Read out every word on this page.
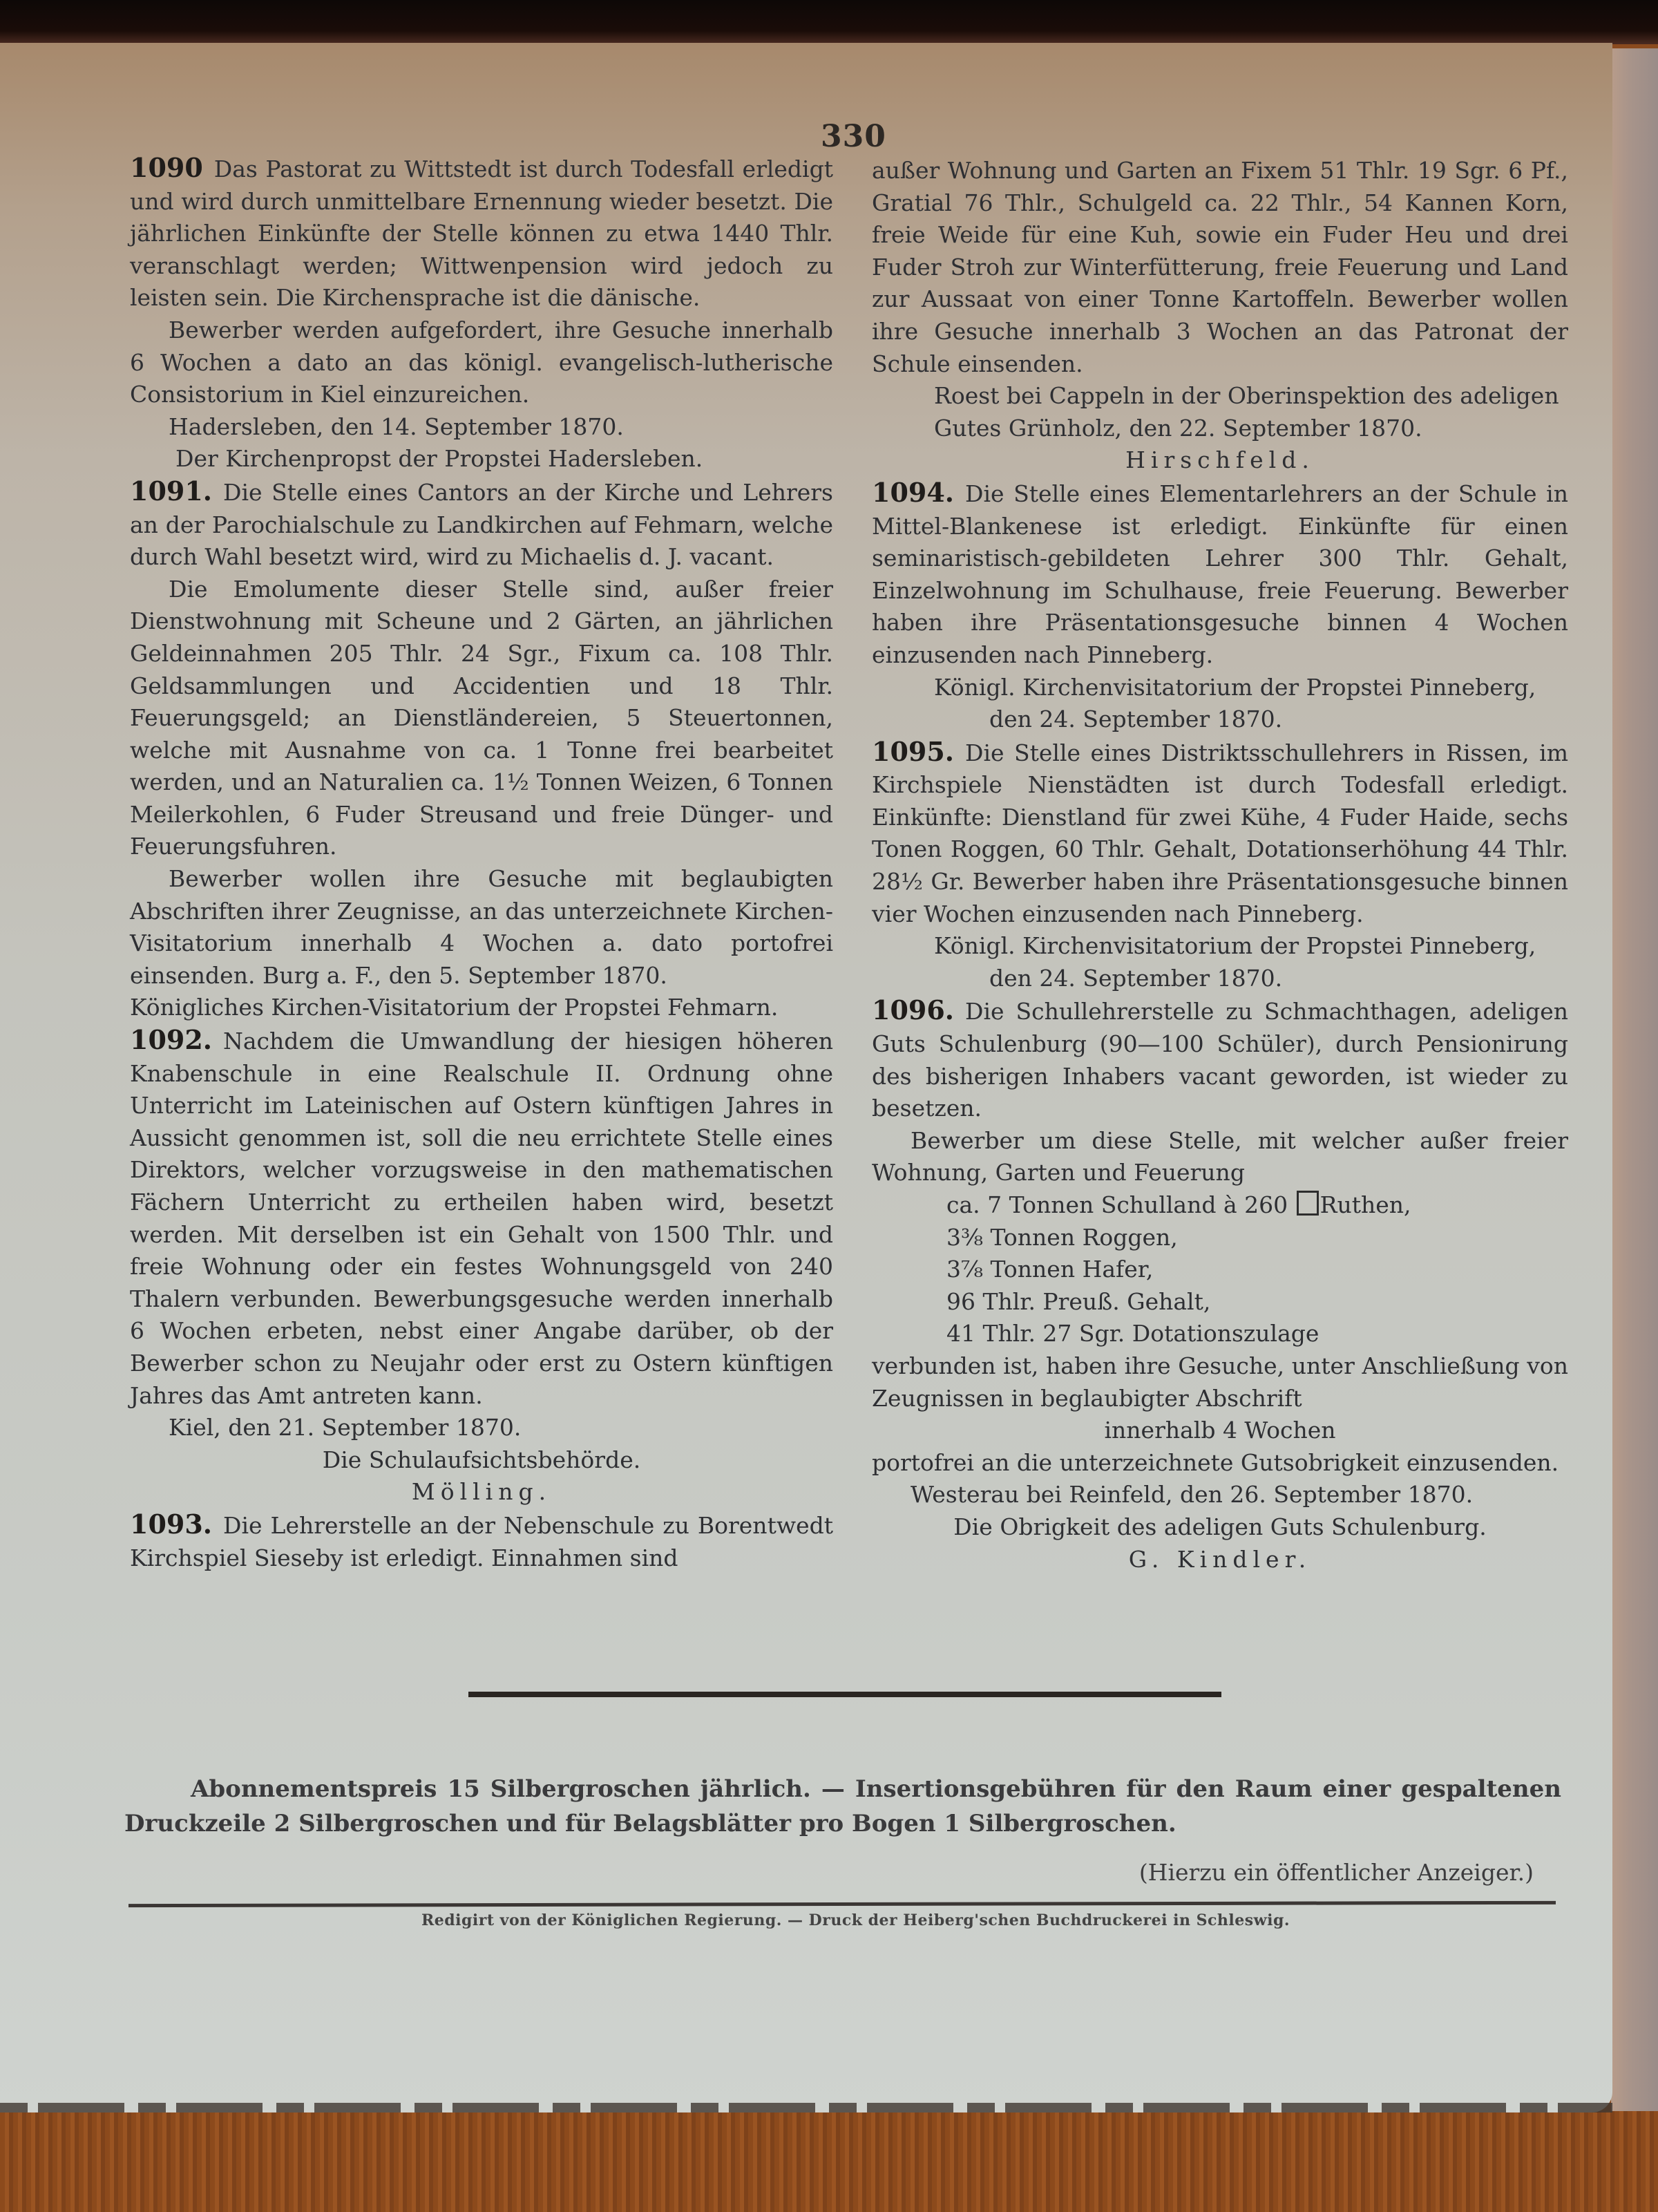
330

1090 Das Pastorat zu Wittstedt ist durch Todesfall erledigt und wird durch unmittelbare Ernennung wieder besetzt. Die jährlichen Einkünfte der Stelle können zu etwa 1440 Thlr. veranschlagt werden; Wittwenpension wird jedoch zu leisten sein. Die Kirchensprache ist die dänische.

Bewerber werden aufgefordert, ihre Gesuche innerhalb 6 Wochen a dato an das königl. evangelisch-lutherische Consistorium in Kiel einzureichen.

Hadersleben, den 14. September 1870.

Der Kirchenpropst der Propstei Hadersleben.

1091. Die Stelle eines Cantors an der Kirche und Lehrers an der Parochialschule zu Landkirchen auf Fehmarn, welche durch Wahl besetzt wird, wird zu Michaelis d. J. vacant.

Die Emolumente dieser Stelle sind, außer freier Dienstwohnung mit Scheune und 2 Gärten, an jährlichen Geldeinnahmen 205 Thlr. 24 Sgr., Fixum ca. 108 Thlr. Geldsammlungen und Accidentien und 18 Thlr. Feuerungsgeld; an Dienstländereien, 5 Steuertonnen, welche mit Ausnahme von ca. 1 Tonne frei bearbeitet werden, und an Naturalien ca. 1½ Tonnen Weizen, 6 Tonnen Meilerkohlen, 6 Fuder Streusand und freie Dünger- und Feuerungsfuhren.

Bewerber wollen ihre Gesuche mit beglaubigten Abschriften ihrer Zeugnisse, an das unterzeichnete Kirchen-Visitatorium innerhalb 4 Wochen a. dato portofrei einsenden. Burg a. F., den 5. September 1870.

Königliches Kirchen-Visitatorium der Propstei Fehmarn.

1092. Nachdem die Umwandlung der hiesigen höheren Knabenschule in eine Realschule II. Ordnung ohne Unterricht im Lateinischen auf Ostern künftigen Jahres in Aussicht genommen ist, soll die neu errichtete Stelle eines Direktors, welcher vorzugsweise in den mathematischen Fächern Unterricht zu ertheilen haben wird, besetzt werden. Mit derselben ist ein Gehalt von 1500 Thlr. und freie Wohnung oder ein festes Wohnungsgeld von 240 Thalern verbunden. Bewerbungsgesuche werden innerhalb 6 Wochen erbeten, nebst einer Angabe darüber, ob der Bewerber schon zu Neujahr oder erst zu Ostern künftigen Jahres das Amt antreten kann.

Kiel, den 21. September 1870.

Die Schulaufsichtsbehörde.

Mölling.

1093. Die Lehrerstelle an der Nebenschule zu Borentwedt Kirchspiel Sieseby ist erledigt. Einnahmen sind

außer Wohnung und Garten an Fixem 51 Thlr. 19 Sgr. 6 Pf., Gratial 76 Thlr., Schulgeld ca. 22 Thlr., 54 Kannen Korn, freie Weide für eine Kuh, sowie ein Fuder Heu und drei Fuder Stroh zur Winterfütterung, freie Feuerung und Land zur Aussaat von einer Tonne Kartoffeln. Bewerber wollen ihre Gesuche innerhalb 3 Wochen an das Patronat der Schule einsenden.

Roest bei Cappeln in der Oberinspektion des adeligen Gutes Grünholz, den 22. September 1870.

Hirschfeld.

1094. Die Stelle eines Elementarlehrers an der Schule in Mittel-Blankenese ist erledigt. Einkünfte für einen seminaristisch-gebildeten Lehrer 300 Thlr. Gehalt, Einzelwohnung im Schulhause, freie Feuerung. Bewerber haben ihre Präsentationsgesuche binnen 4 Wochen einzusenden nach Pinneberg.

Königl. Kirchenvisitatorium der Propstei Pinneberg,

den 24. September 1870.

1095. Die Stelle eines Distriktsschullehrers in Rissen, im Kirchspiele Nienstädten ist durch Todesfall erledigt. Einkünfte: Dienstland für zwei Kühe, 4 Fuder Haide, sechs Tonen Roggen, 60 Thlr. Gehalt, Dotationserhöhung 44 Thlr. 28½ Gr. Bewerber haben ihre Präsentationsgesuche binnen vier Wochen einzusenden nach Pinneberg.

Königl. Kirchenvisitatorium der Propstei Pinneberg,

den 24. September 1870.

1096. Die Schullehrerstelle zu Schmachthagen, adeligen Guts Schulenburg (90—100 Schüler), durch Pensionirung des bisherigen Inhabers vacant geworden, ist wieder zu besetzen.

Bewerber um diese Stelle, mit welcher außer freier Wohnung, Garten und Feuerung

ca. 7 Tonnen Schulland à 260 Ruthen,
3⅜ Tonnen Roggen,
3⅞ Tonnen Hafer,
96 Thlr. Preuß. Gehalt,
41 Thlr. 27 Sgr. Dotationszulage

verbunden ist, haben ihre Gesuche, unter Anschließung von Zeugnissen in beglaubigter Abschrift

innerhalb 4 Wochen

portofrei an die unterzeichnete Gutsobrigkeit einzusenden.

Westerau bei Reinfeld, den 26. September 1870.

Die Obrigkeit des adeligen Guts Schulenburg.

G. Kindler.

Abonnementspreis 15 Silbergroschen jährlich. — Insertionsgebühren für den Raum einer gespaltenen Druckzeile 2 Silbergroschen und für Belagsblätter pro Bogen 1 Silbergroschen.

(Hierzu ein öffentlicher Anzeiger.)
Redigirt von der Königlichen Regierung. — Druck der Heiberg'schen Buchdruckerei in Schleswig.
